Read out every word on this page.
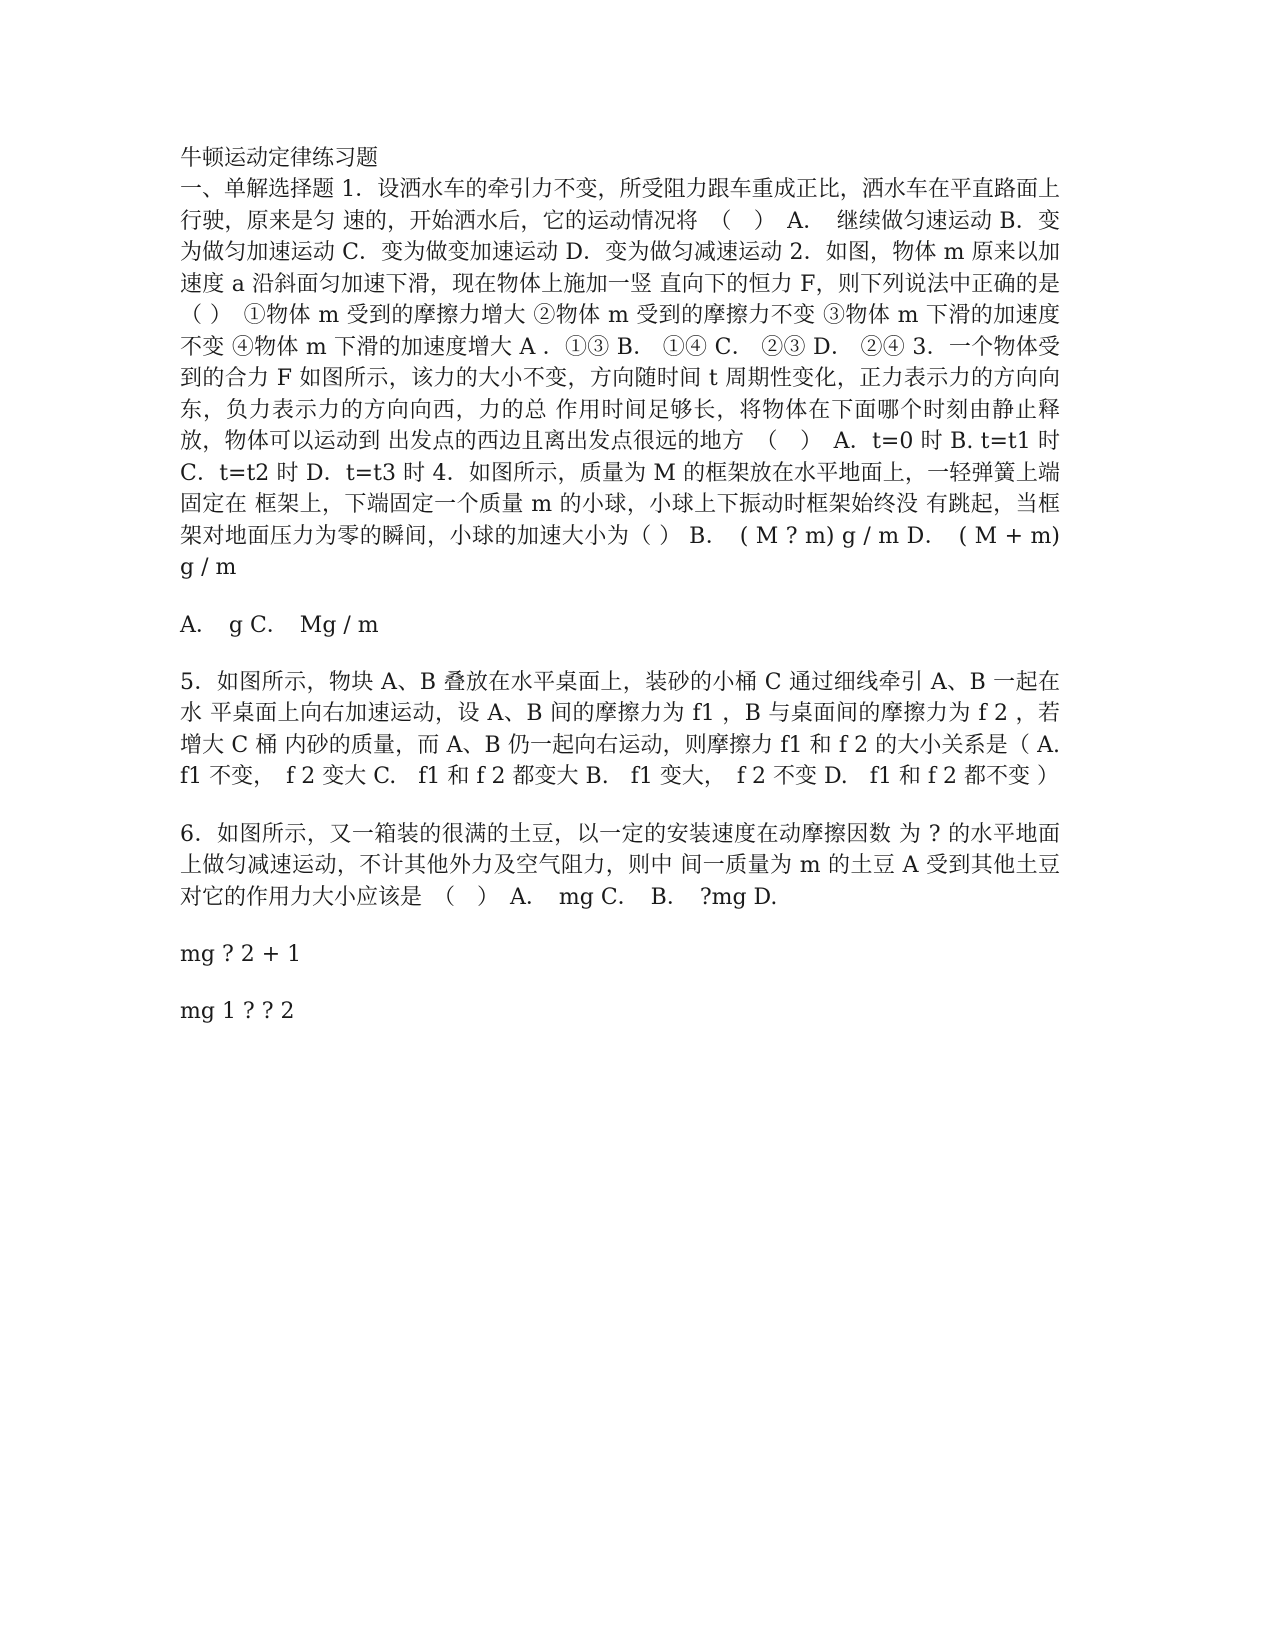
牛顿运动定律练习题

一、单解选择题 1．设洒水车的牵引力不变，所受阻力跟车重成正比，洒水车在平直路面上行驶，原来是匀 速的，开始洒水后，它的运动情况将　（　）　A．　继续做匀速运动 B．变为做匀加速运动 C．变为做变加速运动 D．变为做匀减速运动 2．如图，物体 m 原来以加速度 a 沿斜面匀加速下滑，现在物体上施加一竖 直向下的恒力 F，则下列说法中正确的是（ ）　①物体 m 受到的摩擦力增大 ②物体 m 受到的摩擦力不变 ③物体 m 下滑的加速度不变 ④物体 m 下滑的加速度增大 A ．①③ B． ①④ C． ②③ D． ②④ 3．一个物体受到的合力 F 如图所示，该力的大小不变，方向随时间 t 周期性变化，正力表示力的方向向东，负力表示力的方向向西，力的总 作用时间足够长，将物体在下面哪个时刻由静止释放，物体可以运动到 出发点的西边且离出发点很远的地方　（　）　A．t=0 时 B. t=t1 时 C．t=t2 时 D．t=t3 时 4．如图所示，质量为 M 的框架放在水平地面上，一轻弹簧上端固定在 框架上，下端固定一个质量 m 的小球，小球上下振动时框架始终没 有跳起，当框架对地面压力为零的瞬间，小球的加速大小为（ ） B．　( M ? m) g / m D．　( M + m) g / m

A．　g C．　Mg / m

5．如图所示，物块 A、B 叠放在水平桌面上，装砂的小桶 C 通过细线牵引 A、B 一起在水 平桌面上向右加速运动，设 A、B 间的摩擦力为 f1 ，B 与桌面间的摩擦力为 f 2 ，若增大 C 桶 内砂的质量，而 A、B 仍一起向右运动，则摩擦力 f1 和 f 2 的大小关系是（ A.　f1 不变，　f 2 变大 C.　f1 和 f 2 都变大 B.　f1 变大，　f 2 不变 D.　f1 和 f 2 都不变 ）

6．如图所示，又一箱装的很满的土豆，以一定的安装速度在动摩擦因数 为 ? 的水平地面上做匀减速运动，不计其他外力及空气阻力，则中 间一质量为 m 的土豆 A 受到其他土豆对它的作用力大小应该是　（　）　A．　mg C．　B．　?mg D.

mg ? 2 + 1

mg 1 ? ? 2
